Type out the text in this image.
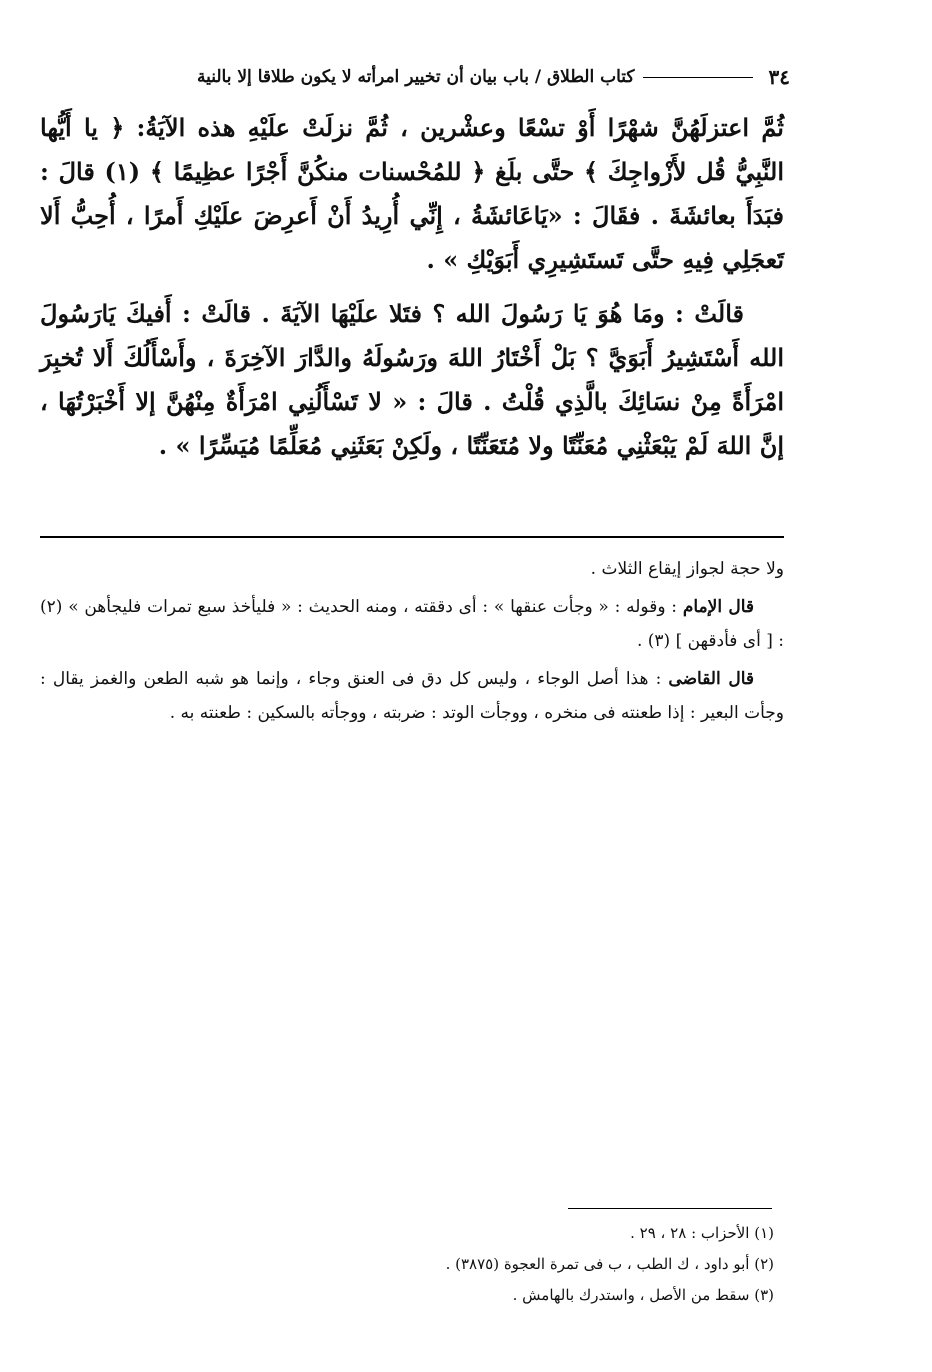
٣٤
كتاب الطلاق / باب بيان أن تخيير امرأته لا يكون طلاقا إلا بالنية

ثُمَّ اعتزلَهُنَّ شهْرًا أَوْ تسْعًا وعشْرين ، ثُمَّ نزلَتْ علَيْهِ هذه الآيَةُ: ﴿ يا أَيُّها النَّبِيُّ قُل لأَزْواجِكَ ﴾ حتَّى بلَغ ﴿ للمُحْسنات منكُنَّ أَجْرًا عظِيمًا ﴾ (١) قالَ : فبَدَأَ بعائشَةَ . فقَالَ : «يَاعَائشَةُ ، إِنِّي أُرِيدُ أَنْ أَعرِضَ علَيْكِ أَمرًا ، أُحِبُّ أَلا تَعجَلِي فِيهِ حتَّى تَستَشِيرِي أَبَوَيْكِ » .

قالَتْ : ومَا هُوَ يَا رَسُولَ الله ؟ فتَلا علَيْهَا الآيَةَ . قالَتْ : أَفيكَ يَارَسُولَ الله أَسْتَشِيرُ أَبَوَيَّ ؟ بَلْ أَخْتَارُ اللهَ ورَسُولَهُ والدَّارَ الآخِرَةَ ، وأَسْأَلُكَ أَلا تُخبِرَ امْرَأَةً مِنْ نسَائِكَ بالَّذِي قُلْتُ . قالَ : « لا تَسْأَلُنِي امْرَأَةٌ مِنْهُنَّ إلا أَخْبَرْتُهَا ، إنَّ اللهَ لَمْ يَبْعَثْنِي مُعَنِّتًا ولا مُتَعَنِّتًا ، ولَكِنْ بَعَثَنِي مُعَلِّمًا مُيَسِّرًا » .

ولا حجة لجواز إيقاع الثلاث .

قال الإمام : وقوله : « وجأت عنقها » : أى دققته ، ومنه الحديث : « فليأخذ سبع تمرات فليجأهن » (٢) : [ أى فأدقهن ] (٣) .

قال القاضى : هذا أصل الوجاء ، وليس كل دق فى العنق وجاء ، وإنما هو شبه الطعن والغمز يقال : وجأت البعير : إذا طعنته فى منخره ، ووجأت الوتد : ضربته ، ووجأته بالسكين : طعنته به .

(١) الأحزاب : ٢٨ ، ٢٩ .
(٢) أبو داود ، ك الطب ، ب فى تمرة العجوة (٣٨٧٥) .
(٣) سقط من الأصل ، واستدرك بالهامش .
